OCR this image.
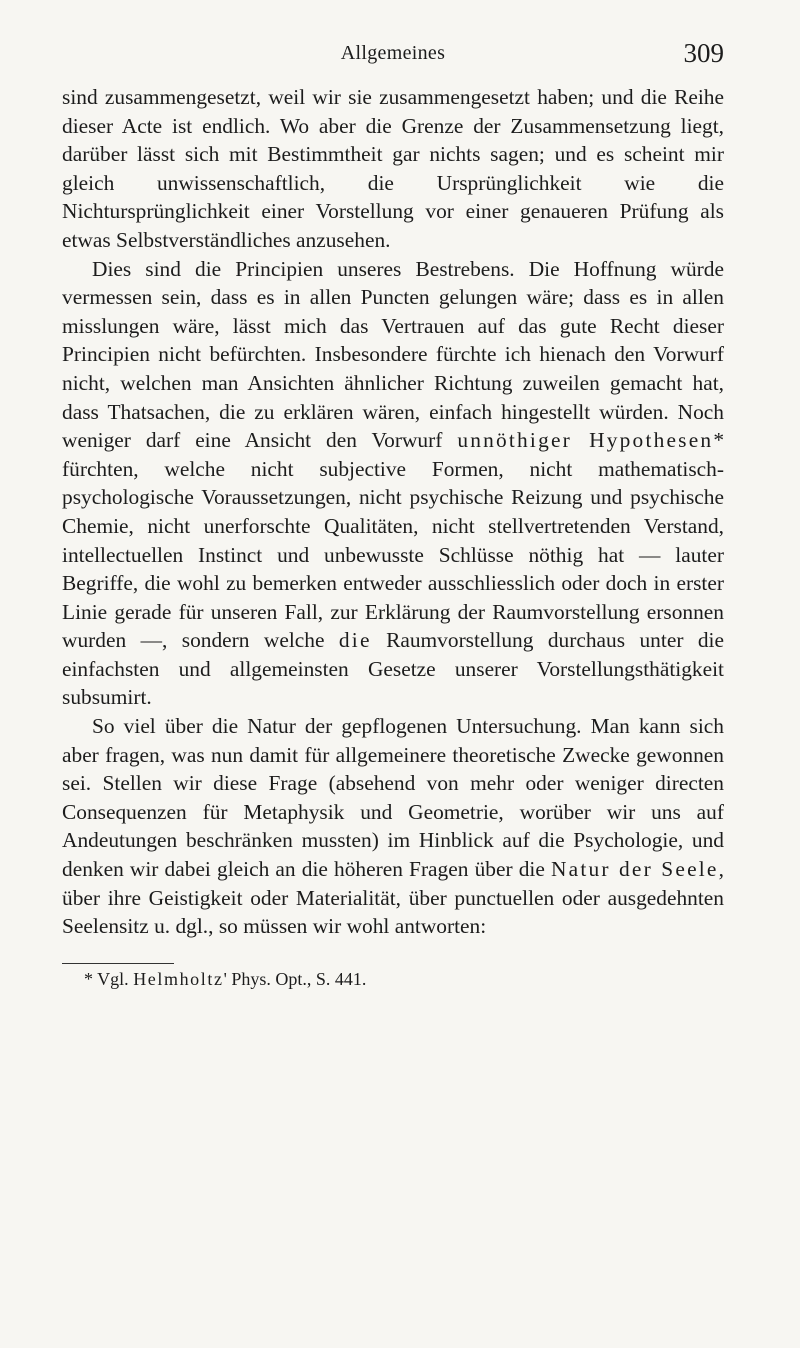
Allgemeines	309

sind zusammengesetzt, weil wir sie zusammengesetzt haben; und die Reihe dieser Acte ist endlich. Wo aber die Grenze der Zusammensetzung liegt, darüber lässt sich mit Bestimmtheit gar nichts sagen; und es scheint mir gleich unwissenschaftlich, die Ursprünglichkeit wie die Nichtursprünglichkeit einer Vorstellung vor einer genaueren Prüfung als etwas Selbstverständliches anzusehen.

Dies sind die Principien unseres Bestrebens. Die Hoffnung würde vermessen sein, dass es in allen Puncten gelungen wäre; dass es in allen misslungen wäre, lässt mich das Vertrauen auf das gute Recht dieser Principien nicht befürchten. Insbesondere fürchte ich hienach den Vorwurf nicht, welchen man Ansichten ähnlicher Richtung zuweilen gemacht hat, dass Thatsachen, die zu erklären wären, einfach hingestellt würden. Noch weniger darf eine Ansicht den Vorwurf unnöthiger Hypothesen* fürchten, welche nicht subjective Formen, nicht mathematisch-psychologische Voraussetzungen, nicht psychische Reizung und psychische Chemie, nicht unerforschte Qualitäten, nicht stellvertretenden Verstand, intellectuellen Instinct und unbewusste Schlüsse nöthig hat — lauter Begriffe, die wohl zu bemerken entweder ausschliesslich oder doch in erster Linie gerade für unseren Fall, zur Erklärung der Raumvorstellung ersonnen wurden —, sondern welche die Raumvorstellung durchaus unter die einfachsten und allgemeinsten Gesetze unserer Vorstellungsthätigkeit subsumirt.

So viel über die Natur der gepflogenen Untersuchung. Man kann sich aber fragen, was nun damit für allgemeinere theoretische Zwecke gewonnen sei. Stellen wir diese Frage (absehend von mehr oder weniger directen Consequenzen für Metaphysik und Geometrie, worüber wir uns auf Andeutungen beschränken mussten) im Hinblick auf die Psychologie, und denken wir dabei gleich an die höheren Fragen über die Natur der Seele, über ihre Geistigkeit oder Materialität, über punctuellen oder ausgedehnten Seelensitz u. dgl., so müssen wir wohl antworten:

* Vgl. Helmholtz' Phys. Opt., S. 441.
